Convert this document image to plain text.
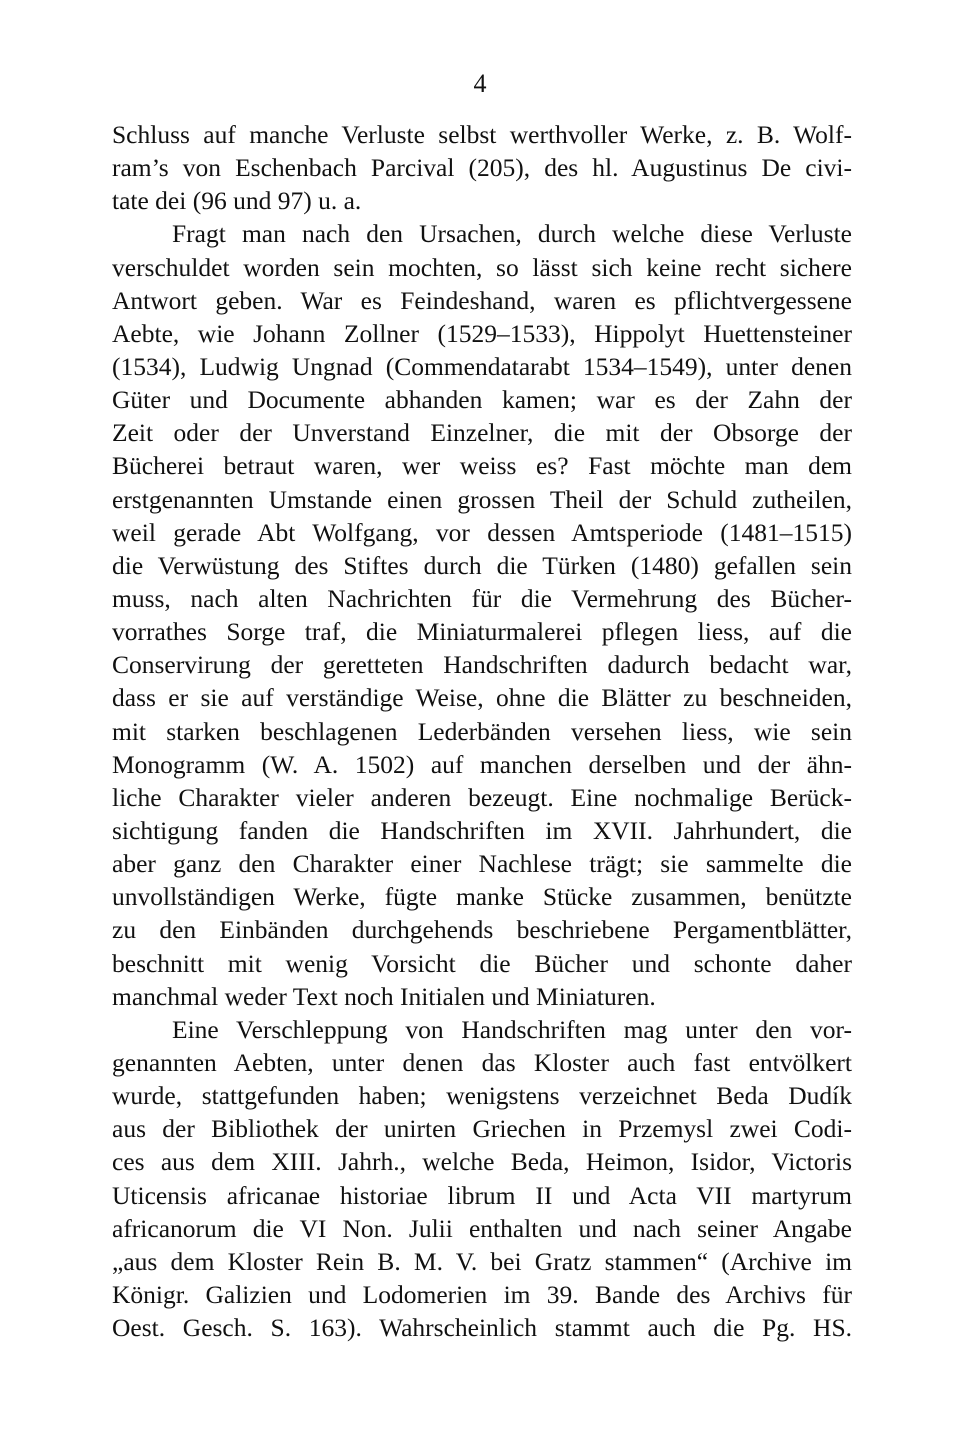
4
Schluss auf manche Verluste selbst werthvoller Werke, z. B. Wolf-
ram’s von Eschenbach Parcival (205), des hl. Augustinus De civi-
tate dei (96 und 97) u. a.
Fragt man nach den Ursachen, durch welche diese Verluste
verschuldet worden sein mochten, so lässt sich keine recht sichere
Antwort geben. War es Feindeshand, waren es pflichtvergessene
Aebte, wie Johann Zollner (1529–1533), Hippolyt Huettensteiner
(1534), Ludwig Ungnad (Commendatarabt 1534–1549), unter denen
Güter und Documente abhanden kamen; war es der Zahn der
Zeit oder der Unverstand Einzelner, die mit der Obsorge der
Bücherei betraut waren, wer weiss es? Fast möchte man dem
erstgenannten Umstande einen grossen Theil der Schuld zutheilen,
weil gerade Abt Wolfgang, vor dessen Amtsperiode (1481–1515)
die Verwüstung des Stiftes durch die Türken (1480) gefallen sein
muss, nach alten Nachrichten für die Vermehrung des Bücher-
vorrathes Sorge traf, die Miniaturmalerei pflegen liess, auf die
Conservirung der geretteten Handschriften dadurch bedacht war,
dass er sie auf verständige Weise, ohne die Blätter zu beschneiden,
mit starken beschlagenen Lederbänden versehen liess, wie sein
Monogramm (W. A. 1502) auf manchen derselben und der ähn-
liche Charakter vieler anderen bezeugt. Eine nochmalige Berück-
sichtigung fanden die Handschriften im XVII. Jahrhundert, die
aber ganz den Charakter einer Nachlese trägt; sie sammelte die
unvollständigen Werke, fügte manke Stücke zusammen, benützte
zu den Einbänden durchgehends beschriebene Pergamentblätter,
beschnitt mit wenig Vorsicht die Bücher und schonte daher
manchmal weder Text noch Initialen und Miniaturen.
Eine Verschleppung von Handschriften mag unter den vor-
genannten Aebten, unter denen das Kloster auch fast entvölkert
wurde, stattgefunden haben; wenigstens verzeichnet Beda Dudík
aus der Bibliothek der unirten Griechen in Przemysl zwei Codi-
ces aus dem XIII. Jahrh., welche Beda, Heimon, Isidor, Victoris
Uticensis africanae historiae librum II und Acta VII martyrum
africanorum die VI Non. Julii enthalten und nach seiner Angabe
„aus dem Kloster Rein B. M. V. bei Gratz stammen“ (Archive im
Königr. Galizien und Lodomerien im 39. Bande des Archivs für
Oest. Gesch. S. 163). Wahrscheinlich stammt auch die Pg. HS.
